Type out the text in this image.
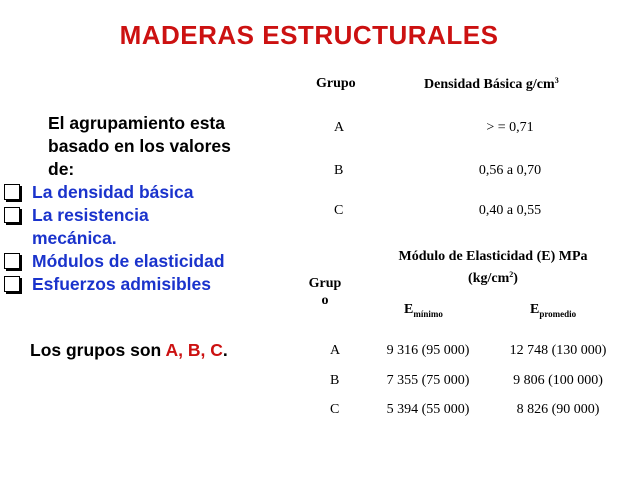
MADERAS ESTRUCTURALES
El agrupamiento esta
basado en los valores
de:
La densidad básica
La resistencia
mecánica.
Módulos de elasticidad
Esfuerzos admisibles
Los grupos son A, B, C.
Grupo	Densidad Básica $g/cm^3$
A	> = 0,71
B	0,56 a 0,70
C	0,40 a 0,55
Grup
o
Módulo de Elasticidad (E) MPa
$(kg/cm^2)$
$E_{mínimo}$	$E_{promedio}$
A	9 316 (95 000)	12 748 (130 000)
B	7 355 (75 000)	9 806 (100 000)
C	5 394 (55 000)	8 826 (90 000)
